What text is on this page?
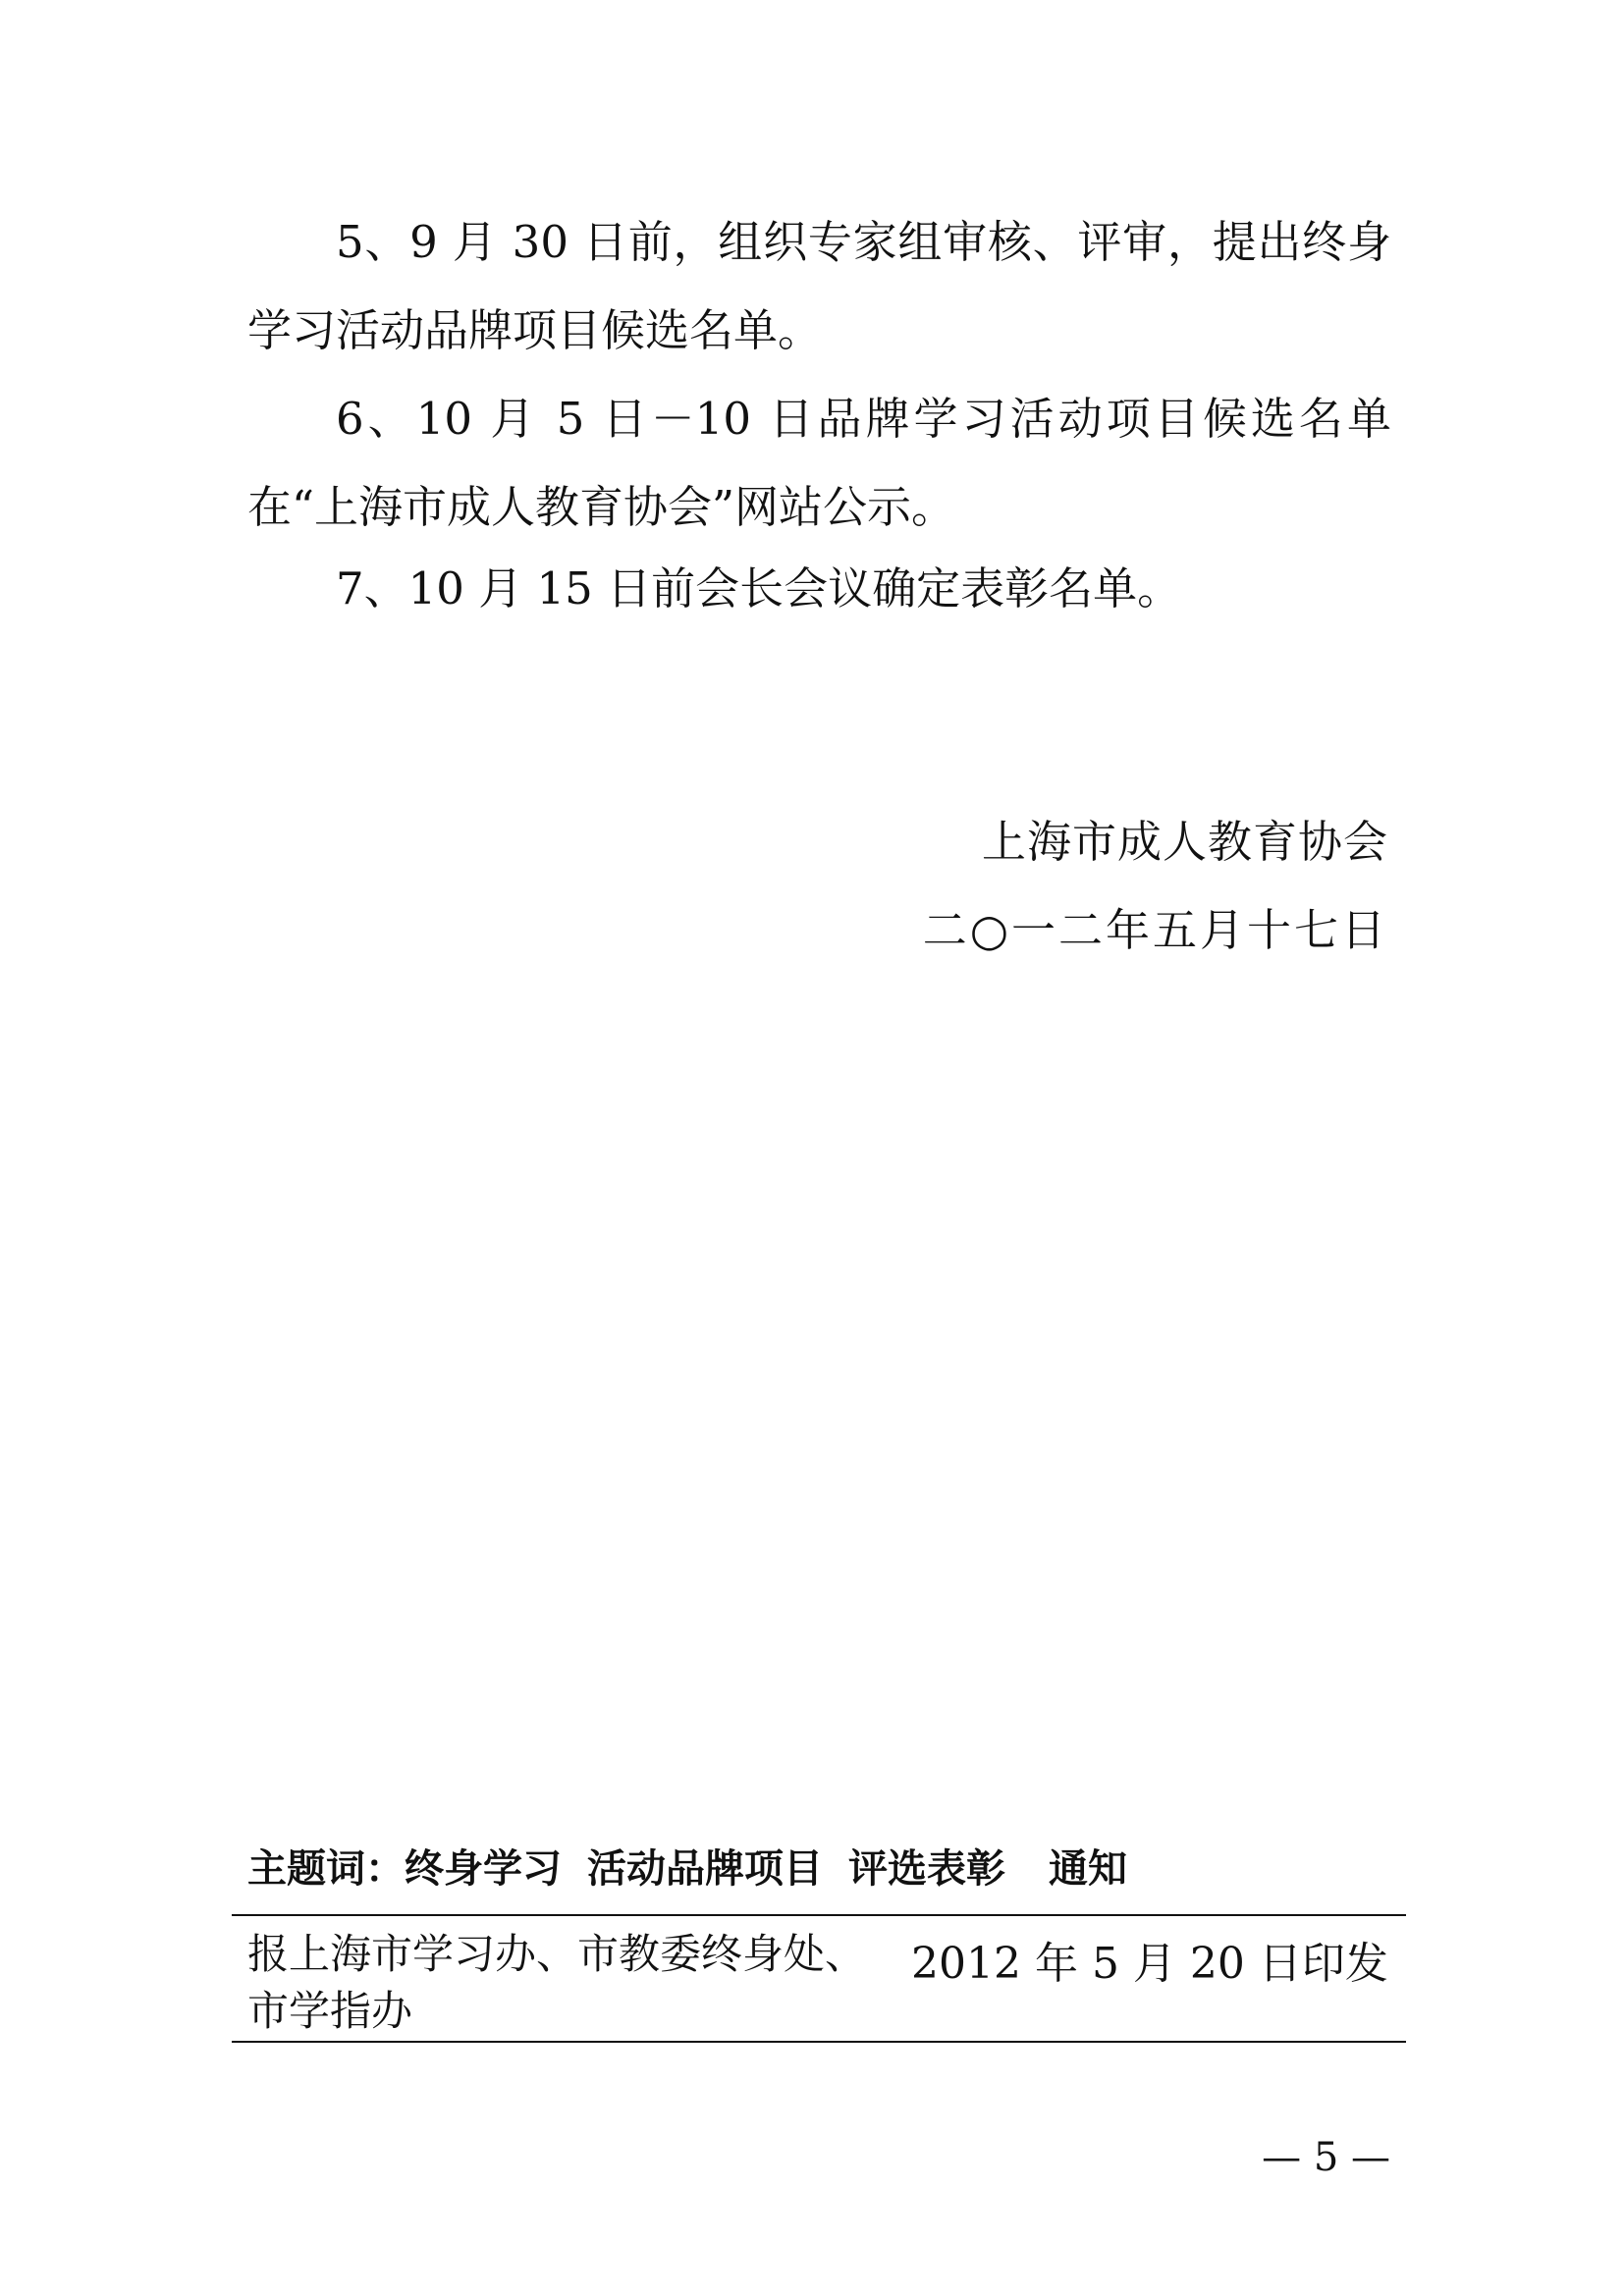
5、9 月 30 日前，组织专家组审核、评审，提出终身学习活动品牌项目候选名单。

6、10 月 5 日－10 日品牌学习活动项目候选名单在“上海市成人教育协会”网站公示。

7、10 月 15 日前会长会议确定表彰名单。

上海市成人教育协会
二○一二年五月十七日
主题词：终身学习 活动品牌项目 评选表彰 通知
报上海市学习办、市教委终身处、市学指办
2012 年 5 月 20 日印发
— 5 —
